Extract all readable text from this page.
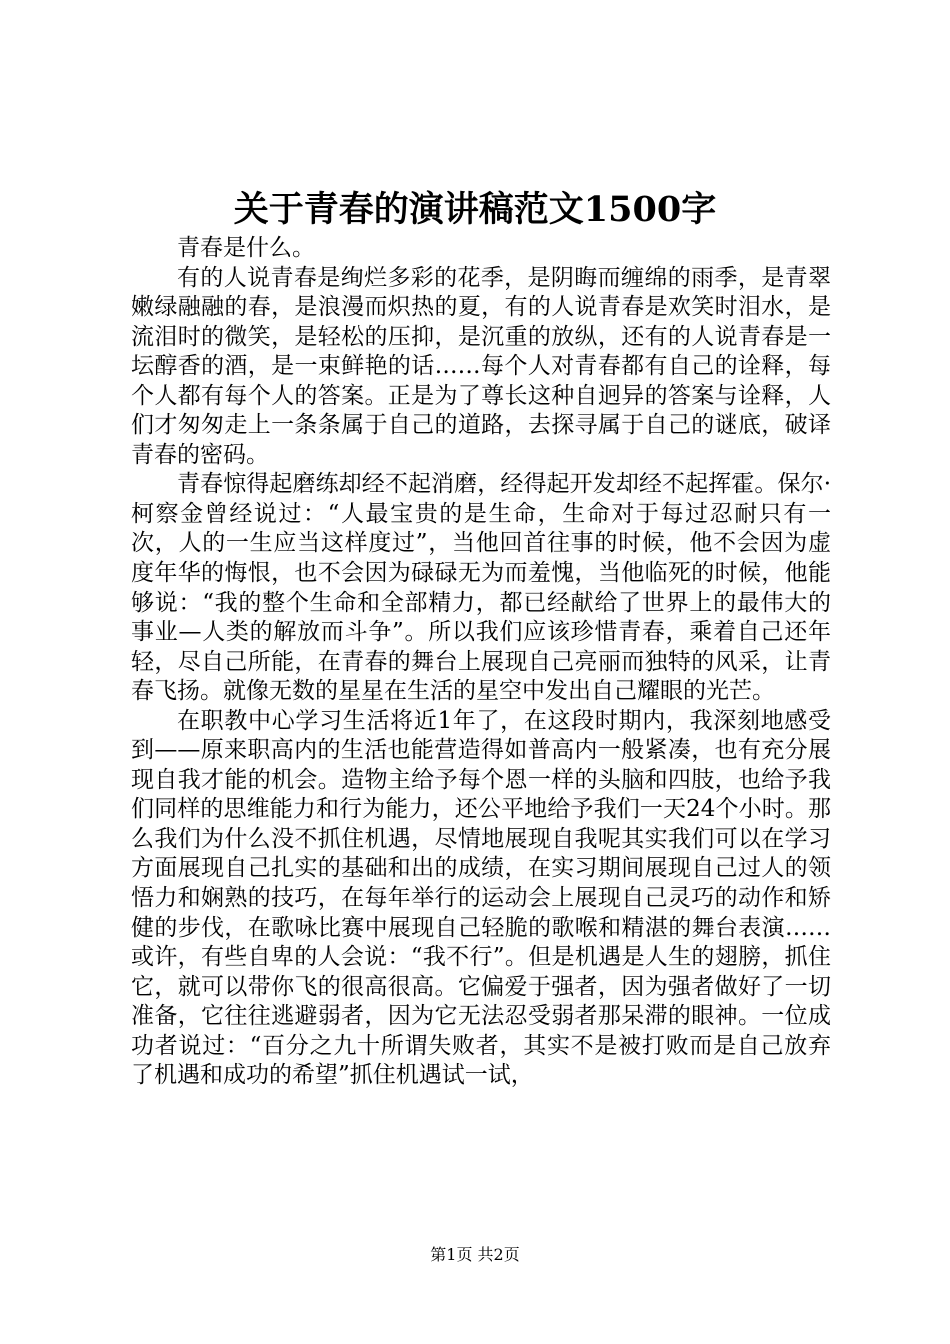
关于青春的演讲稿范文1500字

青春是什么。

有的人说青春是绚烂多彩的花季，是阴晦而缠绵的雨季，是青翠嫩绿融融的春，是浪漫而炽热的夏，有的人说青春是欢笑时泪水，是流泪时的微笑，是轻松的压抑，是沉重的放纵，还有的人说青春是一坛醇香的酒，是一束鲜艳的话……每个人对青春都有自己的诠释，每个人都有每个人的答案。正是为了尊长这种自迥异的答案与诠释，人们才匆匆走上一条条属于自己的道路，去探寻属于自己的谜底，破译青春的密码。

青春惊得起磨练却经不起消磨，经得起开发却经不起挥霍。保尔·柯察金曾经说过：“人最宝贵的是生命，生命对于每过忍耐只有一次，人的一生应当这样度过”，当他回首往事的时候，他不会因为虚度年华的悔恨，也不会因为碌碌无为而羞愧，当他临死的时候，他能够说：“我的整个生命和全部精力，都已经献给了世界上的最伟大的事业—人类的解放而斗争”。所以我们应该珍惜青春，乘着自己还年轻，尽自己所能，在青春的舞台上展现自己亮丽而独特的风采，让青春飞扬。就像无数的星星在生活的星空中发出自己耀眼的光芒。

在职教中心学习生活将近1年了，在这段时期内，我深刻地感受到——原来职高内的生活也能营造得如普高内一般紧凑，也有充分展现自我才能的机会。造物主给予每个恩一样的头脑和四肢，也给予我们同样的思维能力和行为能力，还公平地给予我们一天24个小时。那么我们为什么没不抓住机遇，尽情地展现自我呢其实我们可以在学习方面展现自己扎实的基础和出的成绩，在实习期间展现自己过人的领悟力和娴熟的技巧，在每年举行的运动会上展现自己灵巧的动作和矫健的步伐，在歌咏比赛中展现自己轻脆的歌喉和精湛的舞台表演……或许，有些自卑的人会说：“我不行”。但是机遇是人生的翅膀，抓住它，就可以带你飞的很高很高。它偏爱于强者，因为强者做好了一切准备，它往往逃避弱者，因为它无法忍受弱者那呆滞的眼神。一位成功者说过：“百分之九十所谓失败者，其实不是被打败而是自己放弃了机遇和成功的希望”抓住机遇试一试，

第1页 共2页
